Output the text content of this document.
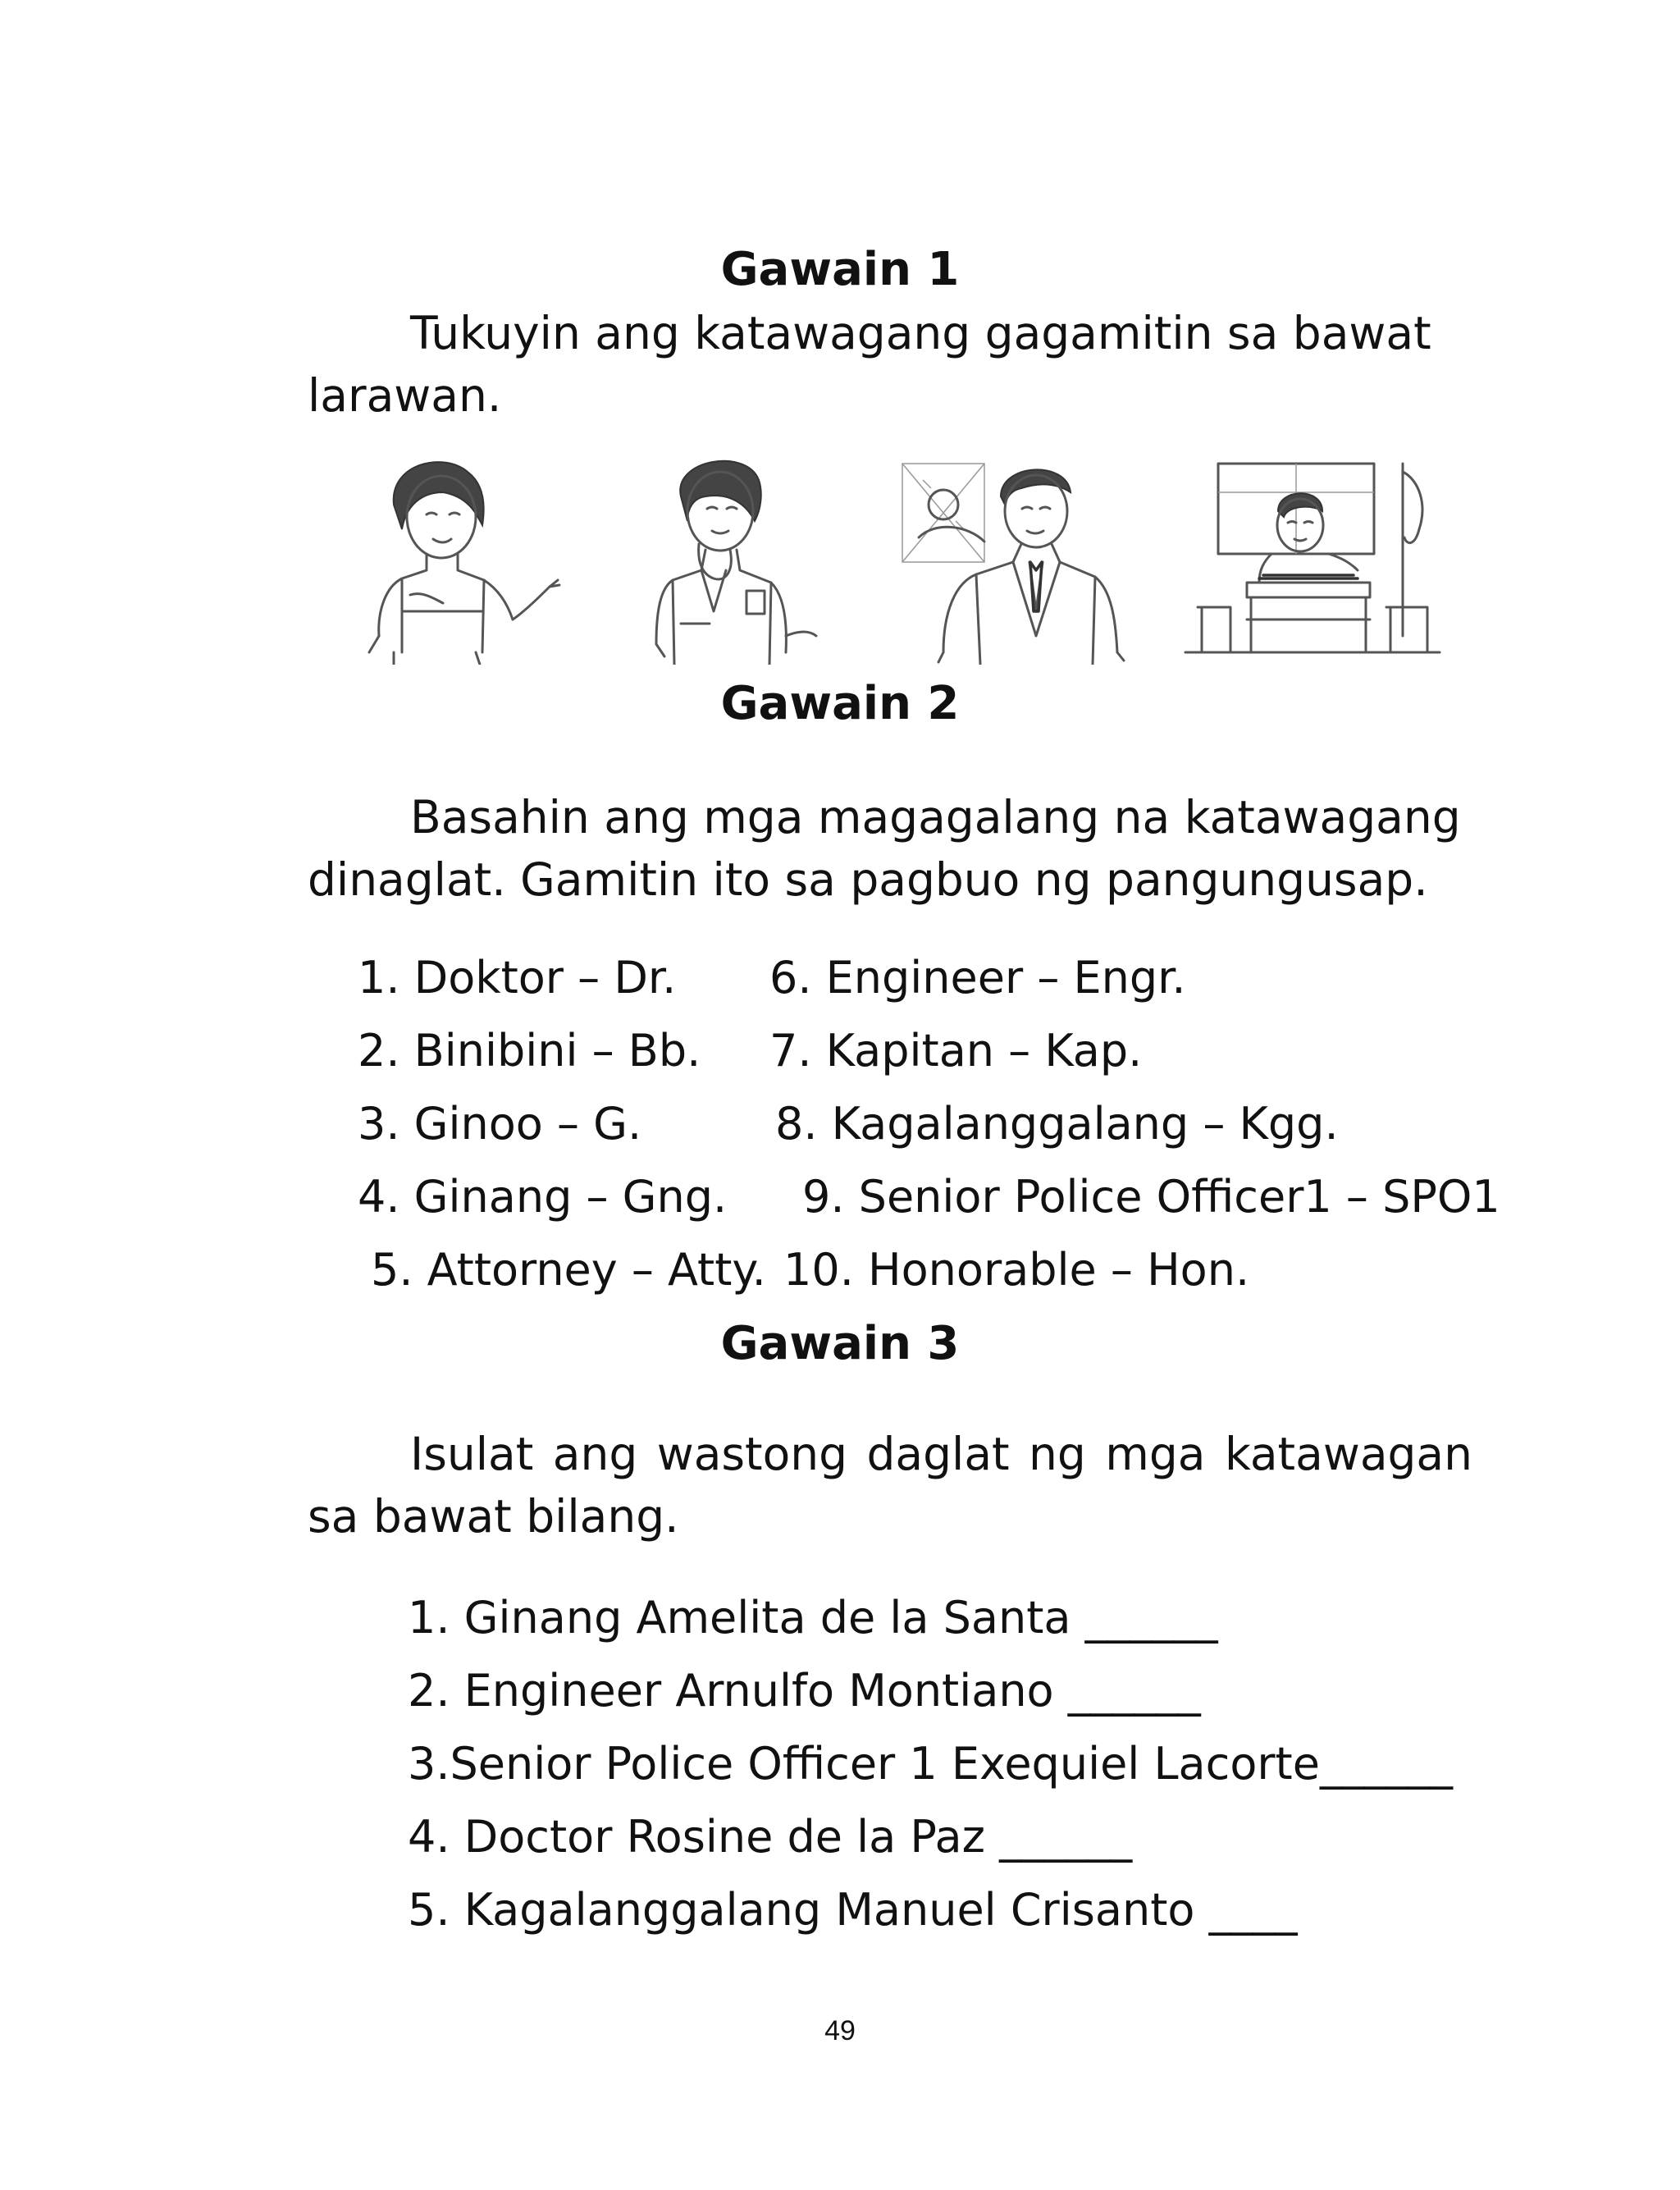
Gawain 1

Tukuyin ang katawagang gagamitin sa bawat larawan.

Gawain 2

Basahin ang mga magagalang na katawagang dinaglat. Gamitin ito sa pagbuo ng pangungusap.

1. Doktor – Dr.

2. Binibini – Bb.

3. Ginoo – G.

4. Ginang – Gng.

5. Attorney – Atty.

6. Engineer – Engr.

7. Kapitan – Kap.

8. Kagalanggalang – Kgg.

9. Senior Police Officer1 – SPO1

10. Honorable – Hon.

Gawain 3

Isulat ang wastong daglat ng mga katawagan sa bawat bilang.

1. Ginang Amelita de la Santa ______

2. Engineer Arnulfo Montiano ______

3.Senior Police Officer 1 Exequiel Lacorte______

4. Doctor Rosine de la Paz ______

5. Kagalanggalang Manuel Crisanto ____

49
